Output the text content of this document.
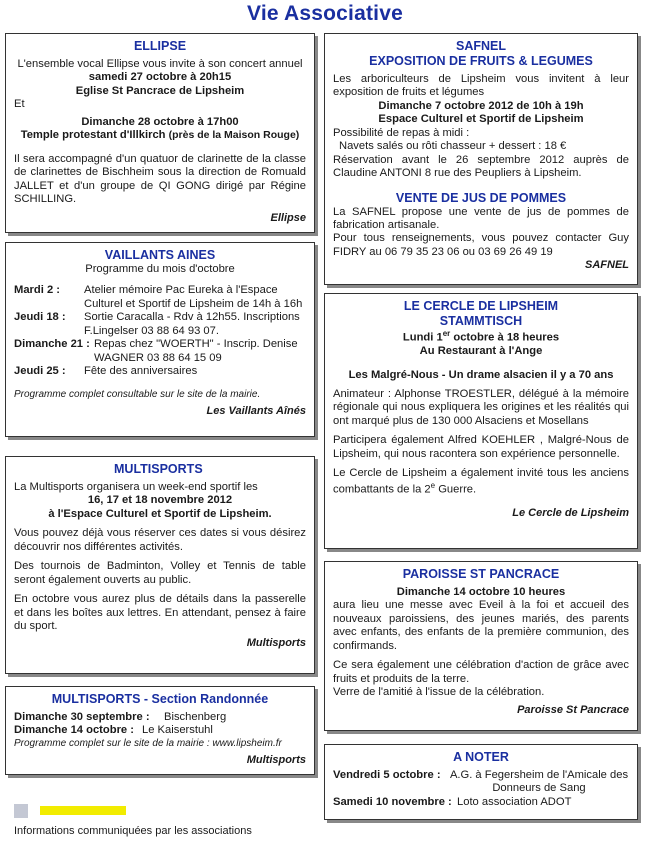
Vie Associative
ELLIPSE

L'ensemble vocal Ellipse vous invite à son concert annuel

samedi 27 octobre à 20h15

Eglise St Pancrace de Lipsheim

Et

Dimanche 28 octobre à 17h00

Temple protestant d'Illkirch (près de la Maison Rouge)

Il sera accompagné d'un quatuor de clarinette de la classe de clarinettes de Bischheim sous la direction de Romuald JALLET et d'un groupe de QI GONG dirigé par Régine SCHILLING.

Ellipse

VAILLANTS AINES

Programme du mois d'octobre

Mardi 2 :	Atelier mémoire Pac Eureka à l'Espace Culturel et Sportif de Lipsheim de 14h à 16h
Jeudi 18 :	Sortie Caracalla - Rdv à 12h55. Inscriptions F.Lingelser 03 88 64 93 07.
Dimanche 21 : Repas chez "WOERTH" - Inscrip. Denise WAGNER 03 88 64 15 09
Jeudi 25 :	Fête des anniversaires

Programme complet consultable sur le site de la mairie.

Les Vaillants Aînés

MULTISPORTS

La Multisports organisera un week-end sportif les

16, 17 et 18 novembre 2012

à l'Espace Culturel et Sportif de Lipsheim.

Vous pouvez déjà vous réserver ces dates si vous désirez découvrir nos différentes activités.

Des tournois de Badminton, Volley et Tennis de table seront également ouverts au public.

En octobre vous aurez plus de détails dans la passerelle et dans les boîtes aux lettres. En attendant, pensez à faire du sport.

Multisports

MULTISPORTS - Section Randonnée
Dimanche 30 septembre :	Bischenberg
Dimanche 14 octobre : Le Kaiserstuhl

Programme complet sur le site de la mairie : www.lipsheim.fr

Multisports

SAFNEL
EXPOSITION DE FRUITS & LEGUMES

Les arboriculteurs de Lipsheim vous invitent à leur exposition de fruits et légumes

Dimanche 7 octobre 2012 de 10h à 19h

Espace Culturel et Sportif de Lipsheim

Possibilité de repas à midi :

Navets salés ou rôti chasseur + dessert : 18 €

Réservation avant le 26 septembre 2012 auprès de Claudine ANTONI 8 rue des Peupliers à Lipsheim.

VENTE DE JUS DE POMMES

La SAFNEL propose une vente de jus de pommes de fabrication artisanale.

Pour tous renseignements, vous pouvez contacter Guy FIDRY au 06 79 35 23 06 ou 03 69 26 49 19

SAFNEL

LE CERCLE DE LIPSHEIM
STAMMTISCH

Lundi 1er octobre à 18 heures

Au Restaurant à l'Ange

Les Malgré-Nous - Un drame alsacien il y a 70 ans

Animateur : Alphonse TROESTLER, délégué à la mémoire régionale qui nous expliquera les origines et les réalités qui ont marqué plus de 130 000 Alsaciens et Mosellans

Participera également Alfred KOEHLER , Malgré-Nous de Lipsheim, qui nous racontera son expérience personnelle.

Le Cercle de Lipsheim a également invité tous les anciens combattants de la 2e Guerre.

Le Cercle de Lipsheim

PAROISSE ST PANCRACE

Dimanche 14 octobre 10 heures

aura lieu une messe avec Eveil à la foi et accueil des nouveaux paroissiens, des jeunes mariés, des parents avec enfants, des enfants de la première communion, des confirmands.

Ce sera également une célébration d'action de grâce avec fruits et produits de la terre.

Verre de l'amitié à l'issue de la célébration.

Paroisse St Pancrace

A NOTER
Vendredi 5 octobre : A.G. à Fegersheim de l'Amicale des Donneurs de Sang
Samedi 10 novembre : Loto association ADOT
Informations communiquées par les associations
